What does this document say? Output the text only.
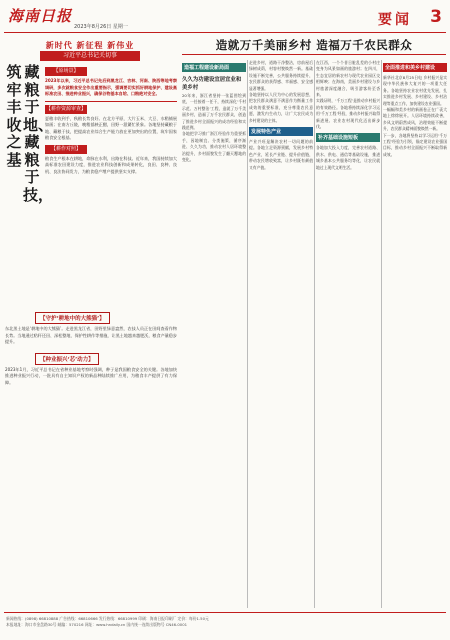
海南日报
2023年8月26日 星期一	要闻 3
新时代 新征程 新伟业
习近平总书记关切事
藏粮于地、藏粮于技，
筑牢丰收之基
【原场景】

2023年以来，习近平总书记先后到黑龙江、吉林、河南、陕西等地考察调研，多次就粮食安全作出重要指示，强调要切实抓好耕地保护、建设高标准农田、推进种业振兴，确保谷物基本自给、口粮绝对安全。

【耕作资源审查】

夏粮丰收到手，秋粮长势良好。在北方平原，大片玉米、大豆、水稻铺展如画；在南方丘陵，晚稻插秧正酣，田野一派繁忙景象。各地坚持藏粮于地、藏粮于技，把提高农业综合生产能力放在更加突出的位置，筑牢国家粮食安全根基。

【耕作对照】

粮食生产根本在耕地，命脉在水利，出路在科技。近年来，我国持续加大高标准农田建设力度，推进农业科技创新和成果转化，良田、良种、良机、良法协同发力，为粮食稳产增产提供坚实支撑。

【守护‘耕地中的大熊猫’】

东北黑土地是‘耕地中的大熊猫’。走进黑龙江省，田野里绿意盎然，农技人员正在田间查看作物长势。当地通过秸秆还田、深松整地、保护性耕作等措施，让黑土地越来越肥沃，粮食产量稳步提升。

【种业振兴‘芯’动力】

2023年1月，习近平总书记在省种业基地考察时强调，种子是我国粮食安全的关键。各地加快推进种业振兴行动，一批具有自主知识产权的新品种陆续推广应用，为粮食丰产提供了有力保障。

造就万千美丽乡村 造福万千农民群众
造福工程建设新局面
久久为功建设宜居宜业和美乡村

20年来，浙江省坚持一张蓝图绘到底，一任接着一任干，持续深化‘千村示范、万村整治’工程，造就了万千美丽乡村，造福了万千农民群众，创造了推进乡村全面振兴的成功经验和实践范例。

各地把学习推广浙江经验作为重要抓手，因地制宜、分类施策，循序渐进、久久为功，推动农村人居环境整治提升，乡村面貌发生了翻天覆地的变化。

走进乡村，道路干净整洁，房前屋后绿树成荫，村容村貌焕然一新。基础设施不断完善，公共服务持续提升，农民群众的获得感、幸福感、安全感显著增强。

各地坚持以人民为中心的发展思想，把农民群众满意不满意作为衡量工作成效的重要标准，充分尊重农民意愿，激发内生动力，让广大农民成为乡村建设的主体。

发展特色产业

产业兴旺是解决农村一切问题的前提。各地立足资源禀赋，发展乡村特色产业，延长产业链、提升价值链，带动农民增收致富，让乡村既有颜值又有产值。

在江西，一个个昔日脏乱差的小村庄变身为风景如画的旅游村；在四川，生态宜居的新农村与现代农业园区交相辉映；在海南，美丽乡村建设与乡村旅游深度融合，吸引游客纷至沓来。

实践证明，‘千万工程’是推动乡村振兴的有效路径。各地将持续深化学习运用‘千万工程’经验，推动乡村振兴取得新进展、农业农村现代化迈出新步伐。

补齐基础设施短板

各地加大投入力度，完善农村道路、供水、供电、通信等基础设施，推进城乡基本公共服务均等化，让农民就地过上现代文明生活。

全面推进和美乡村建设

新华社北京8月25日电 乡村振兴是实现中华民族伟大复兴的一项重大任务。各地坚持农业农村优先发展，扎实推进乡村发展、乡村建设、乡村治理等重点工作，加快建设农业强国。

一幅幅和美乡村的新画卷正在广袤大地上徐徐展开。人居环境持续改善，乡风文明蔚然成风，治理效能不断提升，农民群众精神面貌焕然一新。

下一步，各地将坚持以学习运用‘千万工程’经验为引领，锚定建设农业强国目标，推动乡村全面振兴不断取得新成效。

新闻热线：(0898) 66810888 广告热线：66810666 发行热线：66810999 印刷：海南日报印刷厂 定价：每份1.50元
本报地址：海口市金盘路30号 邮编：570216 网址：www.hndaily.cn 国内统一连续出版物号 CN46-0001
